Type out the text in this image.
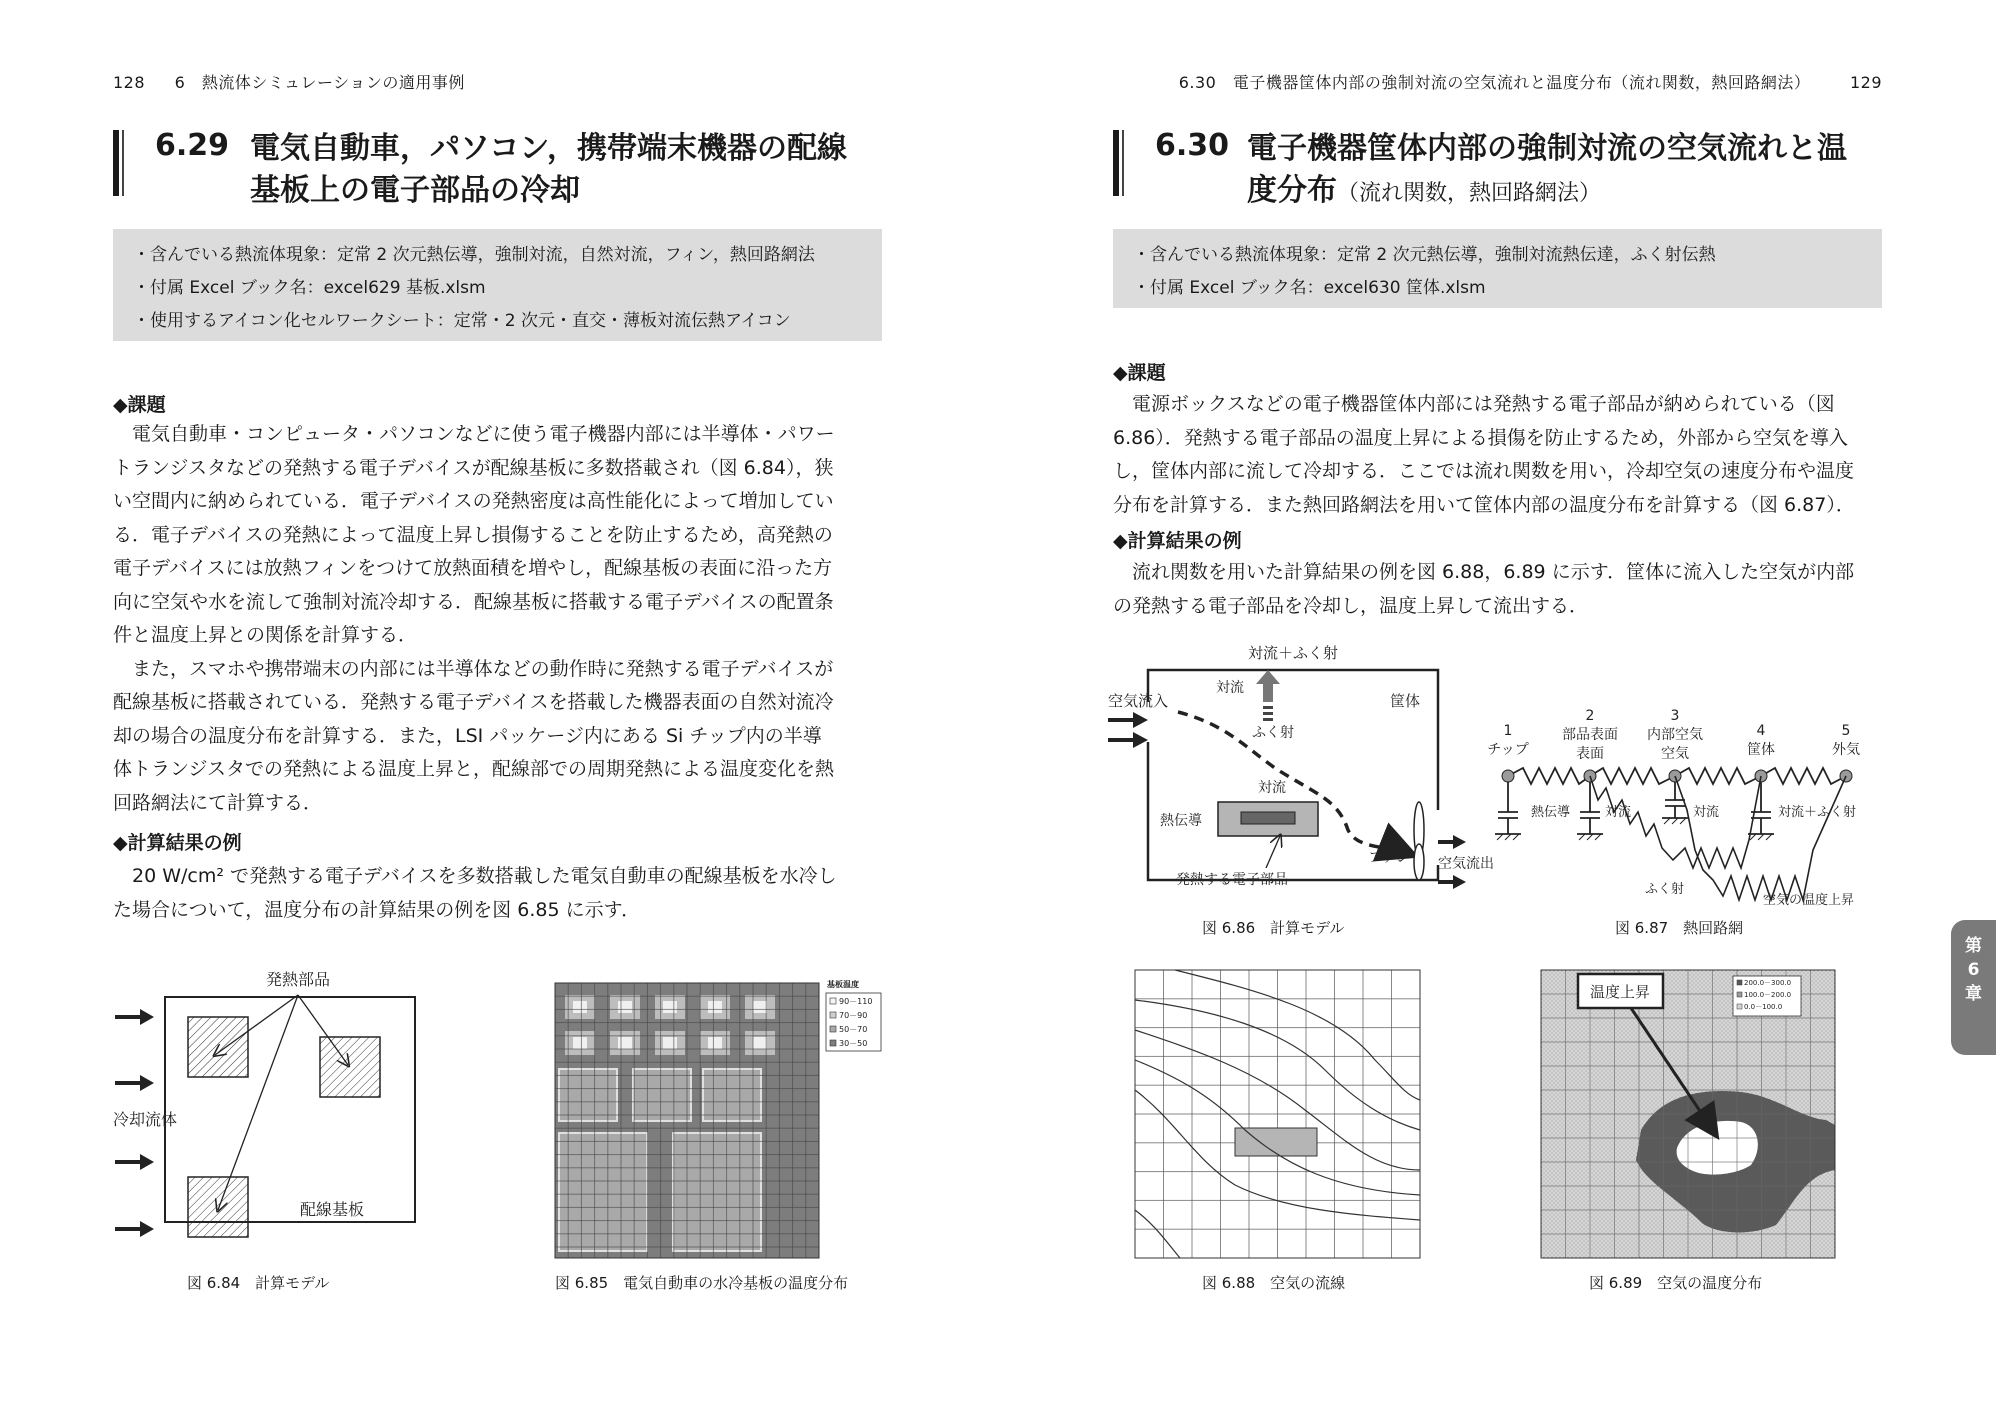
128 6　熱流体シミュレーションの適用事例
6.29 電気自動車，パソコン，携帯端末機器の配線
基板上の電子部品の冷却
・含んでいる熱流体現象：定常 2 次元熱伝導，強制対流，自然対流，フィン，熱回路網法
・付属 Excel ブック名：excel629 基板.xlsm
・使用するアイコン化セルワークシート：定常・2 次元・直交・薄板対流伝熱アイコン
◆課題
電気自動車・コンピュータ・パソコンなどに使う電子機器内部には半導体・パワー
トランジスタなどの発熱する電子デバイスが配線基板に多数搭載され（図 6.84），狭
い空間内に納められている．電子デバイスの発熱密度は高性能化によって増加してい
る．電子デバイスの発熱によって温度上昇し損傷することを防止するため，高発熱の
電子デバイスには放熱フィンをつけて放熱面積を増やし，配線基板の表面に沿った方
向に空気や水を流して強制対流冷却する．配線基板に搭載する電子デバイスの配置条
件と温度上昇との関係を計算する．
また，スマホや携帯端末の内部には半導体などの動作時に発熱する電子デバイスが
配線基板に搭載されている．発熱する電子デバイスを搭載した機器表面の自然対流冷
却の場合の温度分布を計算する．また，LSI パッケージ内にある Si チップ内の半導
体トランジスタでの発熱による温度上昇と，配線部での周期発熱による温度変化を熱
回路網法にて計算する．
◆計算結果の例
20 W/cm² で発熱する電子デバイスを多数搭載した電気自動車の配線基板を水冷し
た場合について，温度分布の計算結果の例を図 6.85 に示す．
発熱部品
冷却流体
配線基板
図 6.84　計算モデル
基板温度
90－110
70－90
50－70
30－50
図 6.85　電気自動車の水冷基板の温度分布
6.30　電子機器筐体内部の強制対流の空気流れと温度分布（流れ関数，熱回路網法） 129
6.30 電子機器筐体内部の強制対流の空気流れと温
度分布（流れ関数，熱回路網法）
・含んでいる熱流体現象：定常 2 次元熱伝導，強制対流熱伝達，ふく射伝熱
・付属 Excel ブック名：excel630 筐体.xlsm
◆課題
電源ボックスなどの電子機器筐体内部には発熱する電子部品が納められている（図
6.86）．発熱する電子部品の温度上昇による損傷を防止するため，外部から空気を導入
し，筐体内部に流して冷却する．ここでは流れ関数を用い，冷却空気の速度分布や温度
分布を計算する．また熱回路網法を用いて筐体内部の温度分布を計算する（図 6.87）．
◆計算結果の例
流れ関数を用いた計算結果の例を図 6.88，6.89 に示す．筐体に流入した空気が内部
の発熱する電子部品を冷却し，温度上昇して流出する．
対流＋ふく射
空気流入
対流
ふく射
筐体
対流
熱伝導
発熱する電子部品
ファン 空気流出
図 6.86　計算モデル
1
チップ
2
部品表面
3
内部空気	4
筐体
5
外気
表面	空気
熱伝導	対流	対流	対流＋ふく射
ふく射
空気の温度上昇
図 6.87　熱回路網
図 6.88　空気の流線
温度上昇	200.0－300.0
100.0－200.0
0.0－100.0
図 6.89　空気の温度分布
第
6
章
